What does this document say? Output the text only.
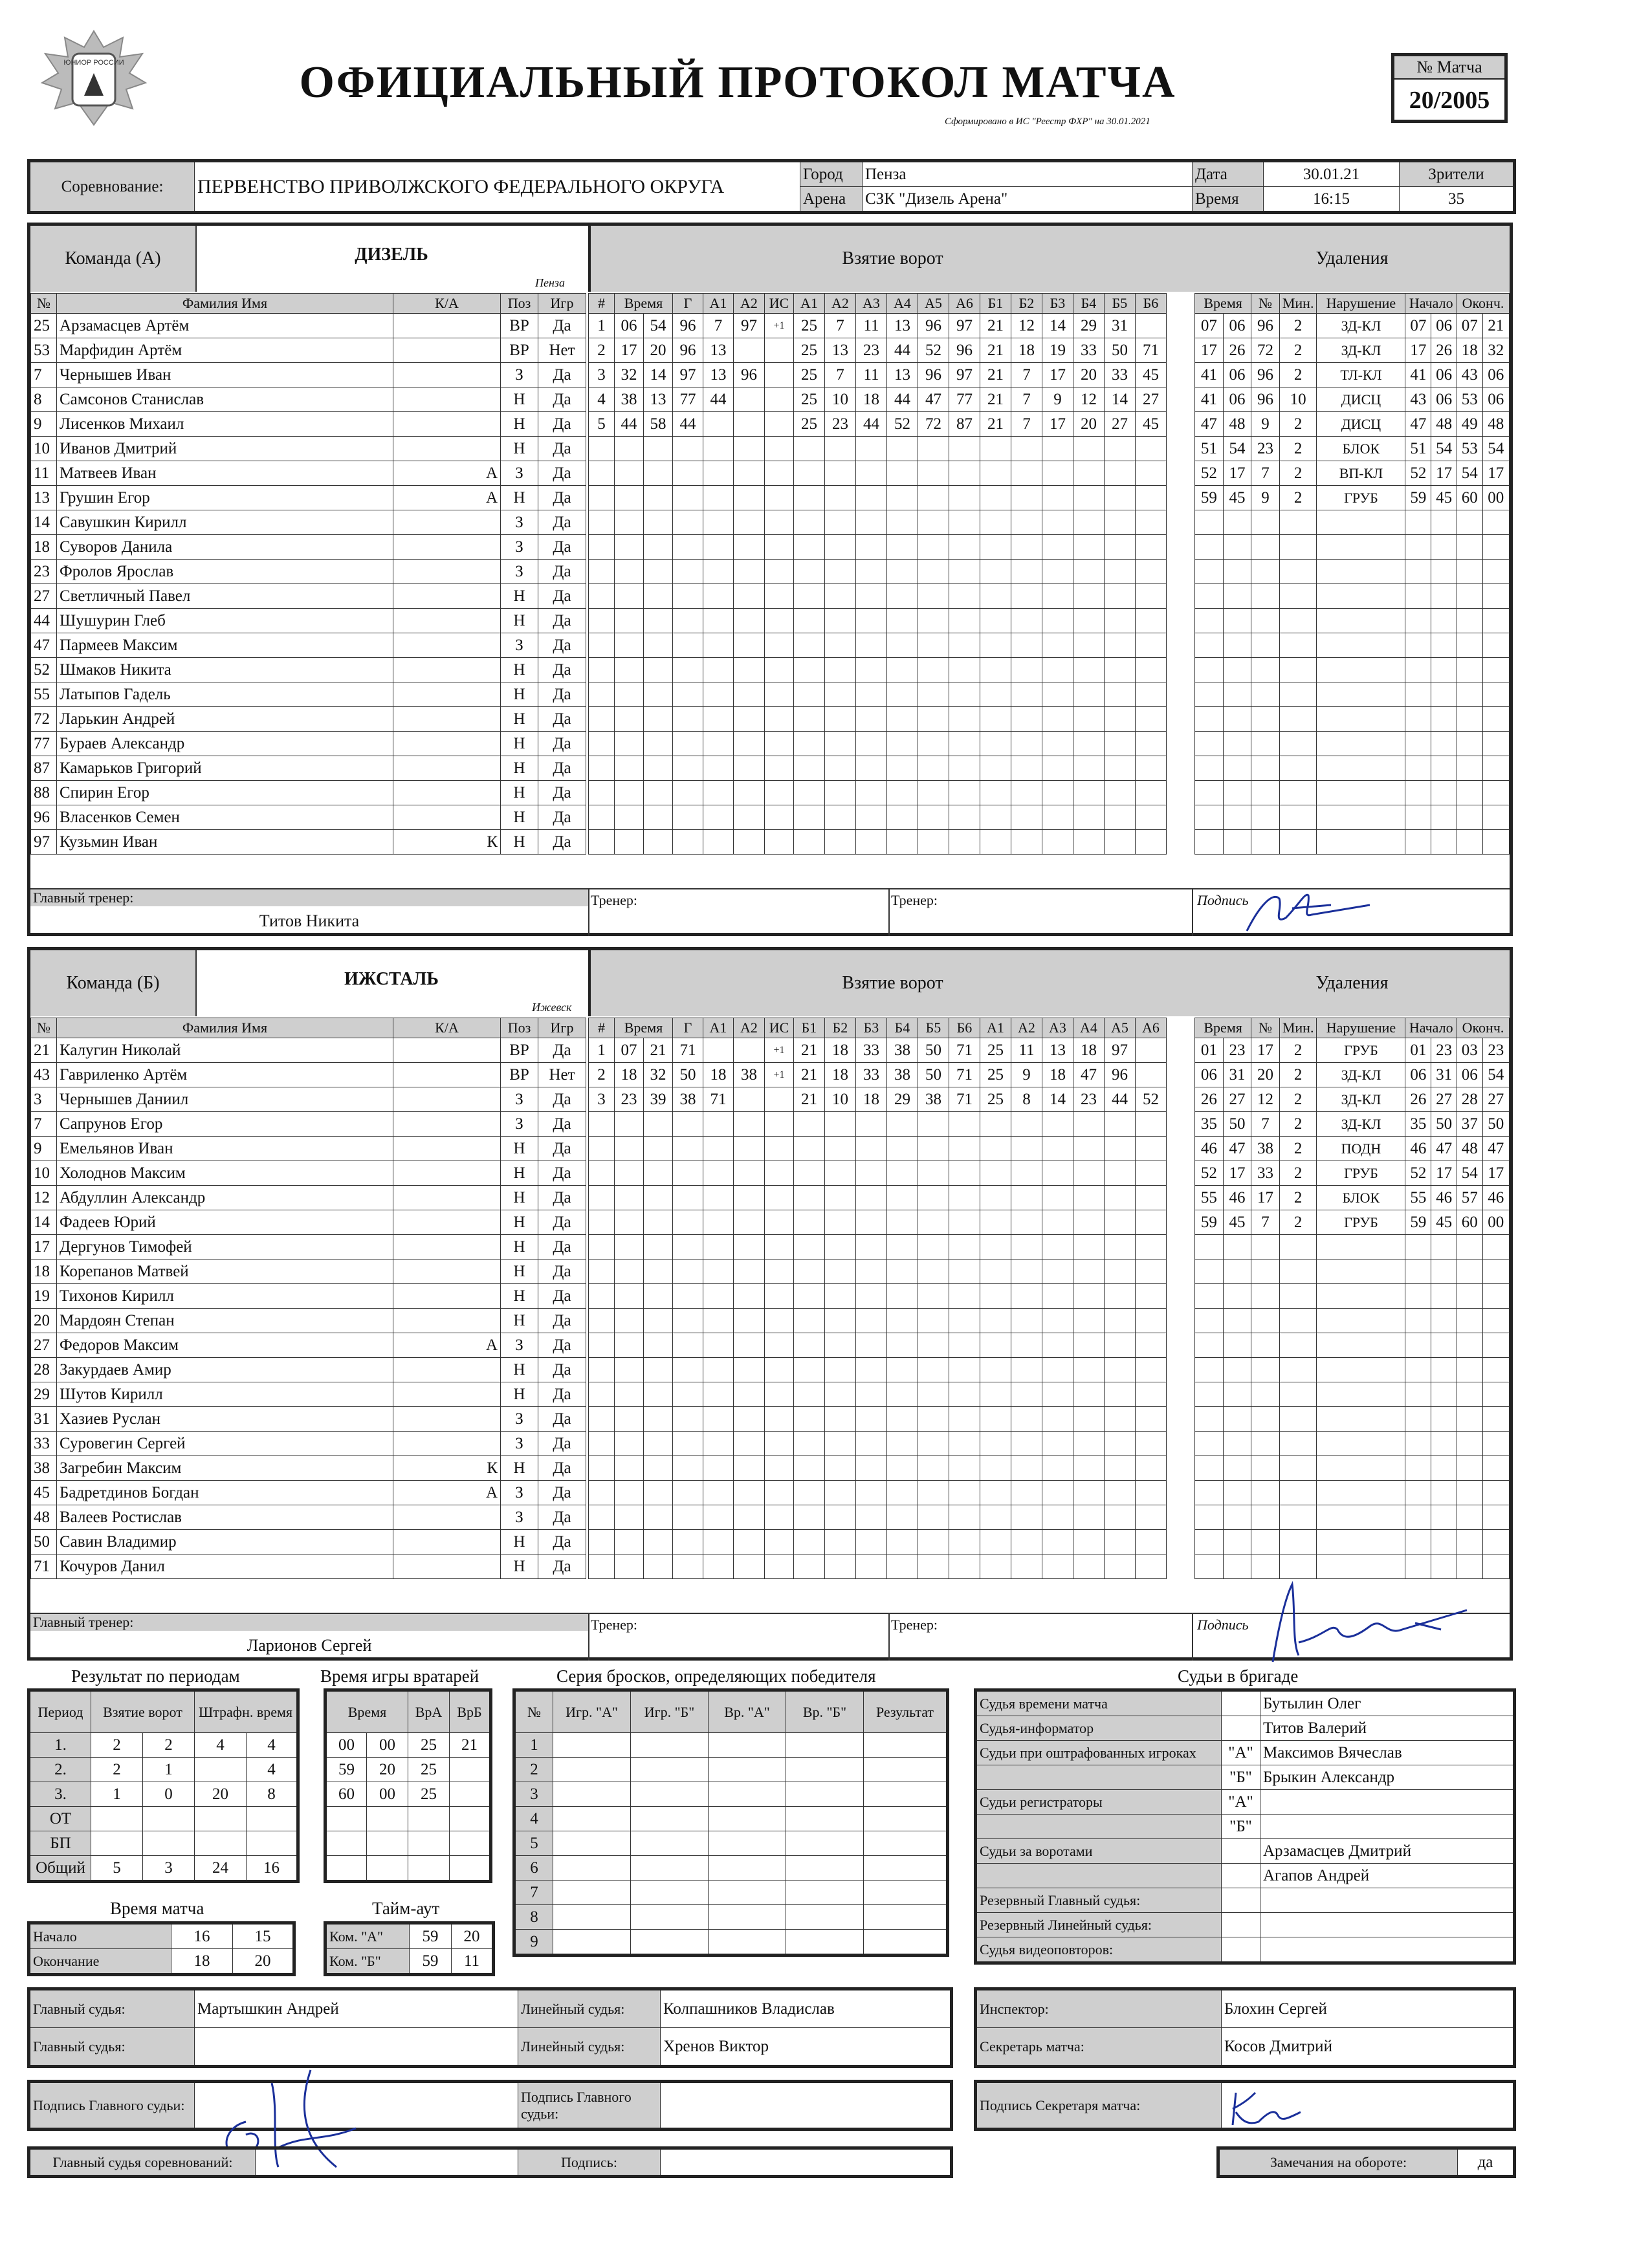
ЮНИОР РОССИИ	ОФИЦИАЛЬНЫЙ ПРОТОКОЛ МАТЧА
Сформировано в ИС "Реестр ФХР" на 30.01.2021
№ Матча
20/2005
Соревнование:	ПЕРВЕНСТВО ПРИВОЛЖСКОГО ФЕДЕРАЛЬНОГО ОКРУГА	Город	Пенза	Дата	30.01.21	Зрители
		Арена	СЗК "Дизель Арена"	Время	16:15	35
Команда (А)	ДИЗЕЛЬ
Пенза
Взятие ворот	Удаления
№	Фамилия Имя	К/А	Поз	Игр
25	Арзамасцев Артём		ВР	Да
53	Марфидин Артём		ВР	Нет
7	Чернышев Иван		З	Да
8	Самсонов Станислав		Н	Да
9	Лисенков Михаил		Н	Да
10	Иванов Дмитрий		Н	Да
11	Матвеев Иван	А	З	Да
13	Грушин Егор	А	Н	Да
14	Савушкин Кирилл		З	Да
18	Суворов Данила		З	Да
23	Фролов Ярослав		З	Да
27	Светличный Павел		Н	Да
44	Шушурин Глеб		Н	Да
47	Пармеев Максим		З	Да
52	Шмаков Никита		Н	Да
55	Латыпов Гадель		Н	Да
72	Ларькин Андрей		Н	Да
77	Бураев Александр		Н	Да
87	Камарьков Григорий		Н	Да
88	Спирин Егор		Н	Да
96	Власенков Семен		Н	Да
97	Кузьмин Иван	К	Н	Да
#	Время		Г	А1	А2	ИС	А1	А2	А3	А4	А5	А6	Б1	Б2	Б3	Б4	Б5	Б6
1	06	54	96	7	97	+1	25	7	11	13	96	97	21	12	14	29	31	
2	17	20	96	13			25	13	23	44	52	96	21	18	19	33	50	71
3	32	14	97	13	96		25	7	11	13	96	97	21	7	17	20	33	45
4	38	13	77	44			25	10	18	44	47	77	21	7	9	12	14	27
5	44	58	44				25	23	44	52	72	87	21	7	17	20	27	45

Время		№	Мин.	Нарушение	Начало		Оконч.	
07	06	96	2	ЗД-КЛ	07	06	07	21
17	26	72	2	ЗД-КЛ	17	26	18	32
41	06	96	2	ТЛ-КЛ	41	06	43	06
41	06	96	10	ДИСЦ	43	06	53	06
47	48	9	2	ДИСЦ	47	48	49	48
51	54	23	2	БЛОК	51	54	53	54
52	17	7	2	ВП-КЛ	52	17	54	17
59	45	9	2	ГРУБ	59	45	60	00

Главный тренер:
Титов Никита
Тренер:	Тренер:	Подпись
Команда (Б)	ИЖСТАЛЬ
Ижевск
Взятие ворот	Удаления
№	Фамилия Имя	К/А	Поз	Игр
21	Калугин Николай		ВР	Да
43	Гавриленко Артём		ВР	Нет
3	Чернышев Даниил		З	Да
7	Сапрунов Егор		З	Да
9	Емельянов Иван		Н	Да
10	Холоднов Максим		Н	Да
12	Абдуллин Александр		Н	Да
14	Фадеев Юрий		Н	Да
17	Дергунов Тимофей		Н	Да
18	Корепанов Матвей		Н	Да
19	Тихонов Кирилл		Н	Да
20	Мардоян Степан		Н	Да
27	Федоров Максим	А	З	Да
28	Закурдаев Амир		Н	Да
29	Шутов Кирилл		Н	Да
31	Хазиев Руслан		З	Да
33	Суровегин Сергей		З	Да
38	Загребин Максим	К	Н	Да
45	Бадретдинов Богдан	А	З	Да
48	Валеев Ростислав		З	Да
50	Савин Владимир		Н	Да
71	Кочуров Данил		Н	Да
#	Время		Г	А1	А2	ИС	Б1	Б2	Б3	Б4	Б5	Б6	А1	А2	А3	А4	А5	А6
1	07	21	71			+1	21	18	33	38	50	71	25	11	13	18	97	
2	18	32	50	18	38	+1	21	18	33	38	50	71	25	9	18	47	96	
3	23	39	38	71			21	10	18	29	38	71	25	8	14	23	44	52

Время		№	Мин.	Нарушение	Начало		Оконч.	
01	23	17	2	ГРУБ	01	23	03	23
06	31	20	2	ЗД-КЛ	06	31	06	54
26	27	12	2	ЗД-КЛ	26	27	28	27
35	50	7	2	ЗД-КЛ	35	50	37	50
46	47	38	2	ПОДН	46	47	48	47
52	17	33	2	ГРУБ	52	17	54	17
55	46	17	2	БЛОК	55	46	57	46
59	45	7	2	ГРУБ	59	45	60	00

Главный тренер:
Ларионов Сергей
Тренер:	Тренер:	Подпись
Результат по периодам	Время игры вратарей	Серия бросков, определяющих победителя	Судьи в бригаде
Период	Взятие ворот		Штрафн. время	
1.	2	2	4	4
2.	2	1		4
3.	1	0	20	8
ОТ				
БП				
Общий	5	3	24	16
Время		ВрА	ВрБ
00	00	25	21
59	20	25	
60	00	25	

№	Игр. "А"	Игр. "Б"	Вр. "А"	Вр. "Б"	Результат
1					
2					
3					
4					
5					
6					
7					
8					
9					
Судья времени матча		Бутылин Олег
Судья-информатор		Титов Валерий
Судьи при оштрафованных игроках	"А"	Максимов Вячеслав
	"Б"	Брыкин Александр
Судьи регистраторы	"А"	
	"Б"	
Судьи за воротами		Арзамасцев Дмитрий
		Агапов Андрей
Резервный Главный судья:		
Резервный Линейный судья:		
Судья видеоповторов:		
Время матча	Тайм-аут
Начало	16	15
Окончание	18	20
Ком. "А"	59	20
Ком. "Б"	59	11
Главный судья:	Мартышкин Андрей	Линейный судья:	Колпашников Владислав
Главный судья:		Линейный судья:	Хренов Виктор
Инспектор:	Блохин Сергей
Секретарь матча:	Косов Дмитрий
Подпись Главного судьи:		Подпись Главного судьи:	
Подпись Секретаря матча:	
Главный судья соревнований:		Подпись:		Замечания на обороте:	да
